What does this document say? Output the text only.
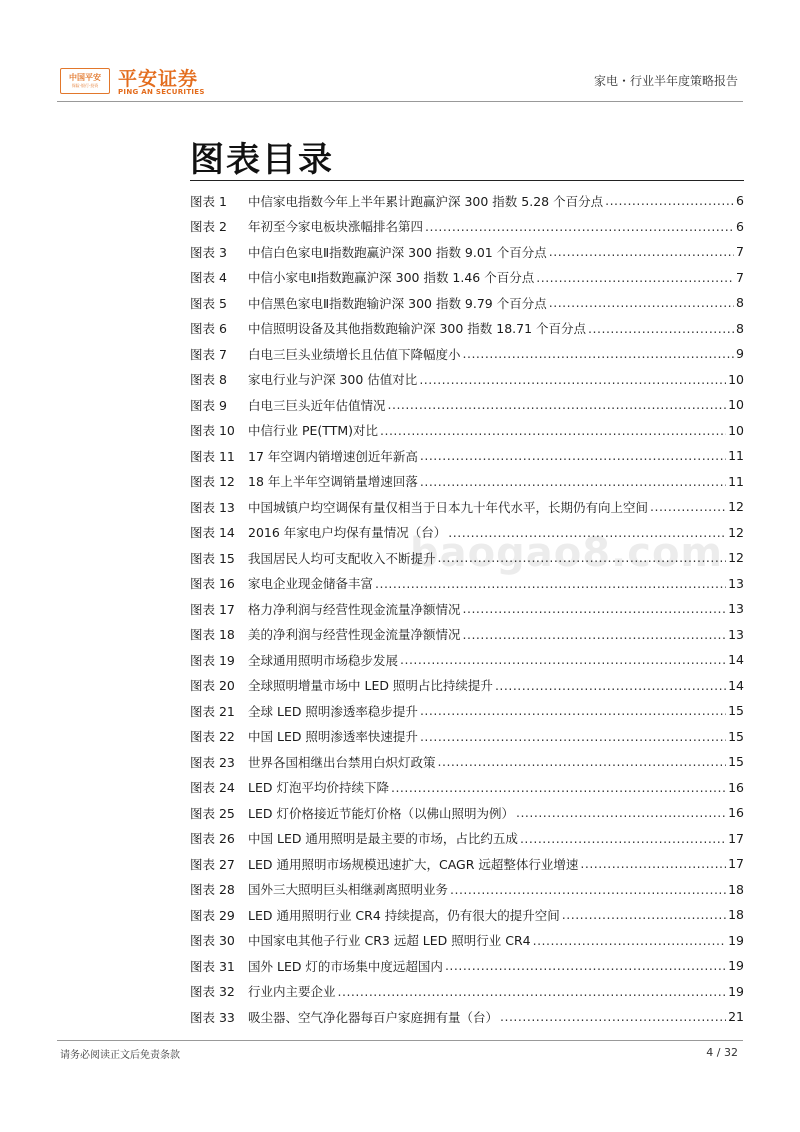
中国平安
保险·银行·投资 平安证券
PING AN SECURITIES
家电・行业半年度策略报告
图表目录
baogao8.com
图表 1	中信家电指数今年上半年累计跑赢沪深 300 指数 5.28 个百分点 .....	6
图表 2	年初至今家电板块涨幅排名第四 .....	6
图表 3	中信白色家电Ⅱ指数跑赢沪深 300 指数 9.01 个百分点 .....	7
图表 4	中信小家电Ⅱ指数跑赢沪深 300 指数 1.46 个百分点 .....	7
图表 5	中信黑色家电Ⅱ指数跑输沪深 300 指数 9.79 个百分点 .....	8
图表 6	中信照明设备及其他指数跑输沪深 300 指数 18.71 个百分点 .....	8
图表 7	白电三巨头业绩增长且估值下降幅度小 .....	9
图表 8	家电行业与沪深 300 估值对比 .....	10
图表 9	白电三巨头近年估值情况 .....	10
图表 10	中信行业 PE(TTM)对比 .....	10
图表 11	17 年空调内销增速创近年新高 .....	11
图表 12	18 年上半年空调销量增速回落 .....	11
图表 13	中国城镇户均空调保有量仅相当于日本九十年代水平，长期仍有向上空间 .....	12
图表 14	2016 年家电户均保有量情况（台） .....	12
图表 15	我国居民人均可支配收入不断提升 .....	12
图表 16	家电企业现金储备丰富 .....	13
图表 17	格力净利润与经营性现金流量净额情况 .....	13
图表 18	美的净利润与经营性现金流量净额情况 .....	13
图表 19	全球通用照明市场稳步发展 .....	14
图表 20	全球照明增量市场中 LED 照明占比持续提升 .....	14
图表 21	全球 LED 照明渗透率稳步提升 .....	15
图表 22	中国 LED 照明渗透率快速提升 .....	15
图表 23	世界各国相继出台禁用白炽灯政策 .....	15
图表 24	LED 灯泡平均价持续下降 .....	16
图表 25	LED 灯价格接近节能灯价格（以佛山照明为例） .....	16
图表 26	中国 LED 通用照明是最主要的市场，占比约五成 .....	17
图表 27	LED 通用照明市场规模迅速扩大，CAGR 远超整体行业增速 .....	17
图表 28	国外三大照明巨头相继剥离照明业务 .....	18
图表 29	LED 通用照明行业 CR4 持续提高，仍有很大的提升空间 .....	18
图表 30	中国家电其他子行业 CR3 远超 LED 照明行业 CR4 .....	19
图表 31	国外 LED 灯的市场集中度远超国内 .....	19
图表 32	行业内主要企业 .....	19
图表 33	吸尘器、空气净化器每百户家庭拥有量（台） .....	21
请务必阅读正文后免责条款	4 / 32
